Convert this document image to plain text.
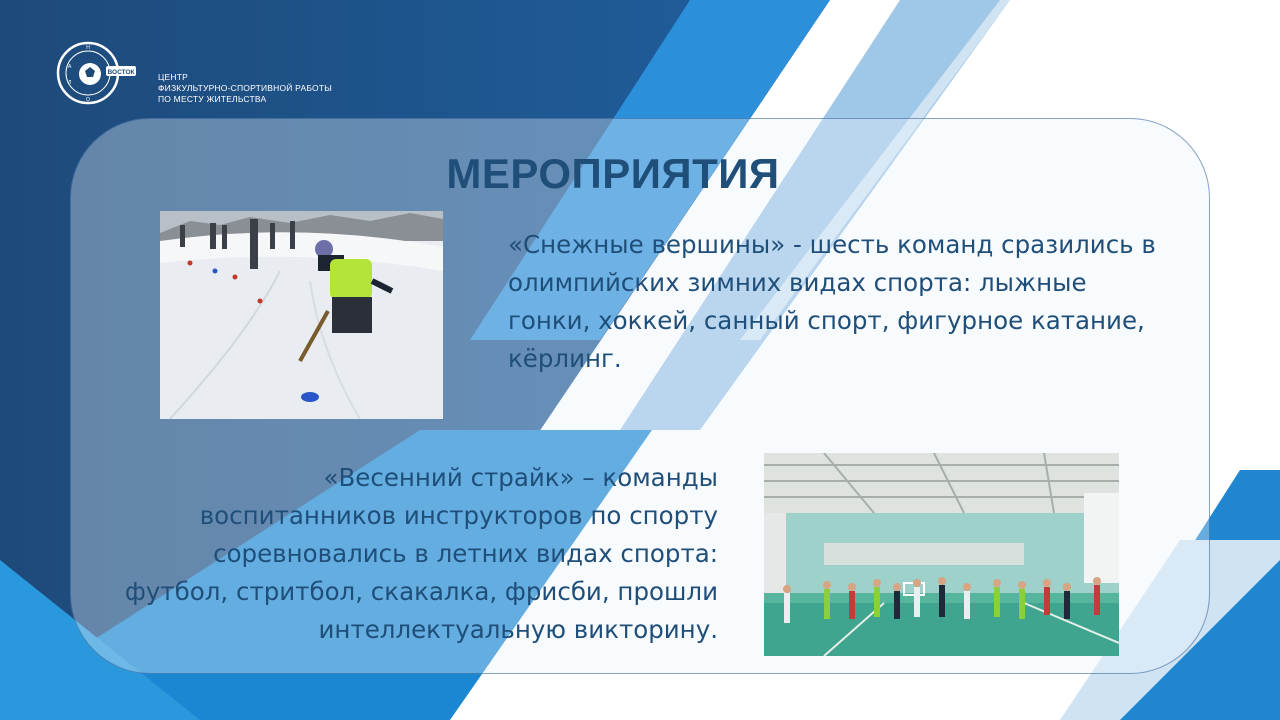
ВОСТОК
Н
А
Л
О
ЦЕНТР
ФИЗКУЛЬТУРНО-СПОРТИВНОЙ РАБОТЫ
ПО МЕСТУ ЖИТЕЛЬСТВА
МЕРОПРИЯТИЯ
«Снежные вершины» - шесть команд сразились в олимпийских зимних видах спорта: лыжные гонки, хоккей, санный спорт, фигурное катание, кёрлинг.
«Весенний страйк» – команды воспитанников инструкторов по спорту соревновались в летних видах спорта: футбол, стритбол, скакалка, фрисби, прошли интеллектуальную викторину.
